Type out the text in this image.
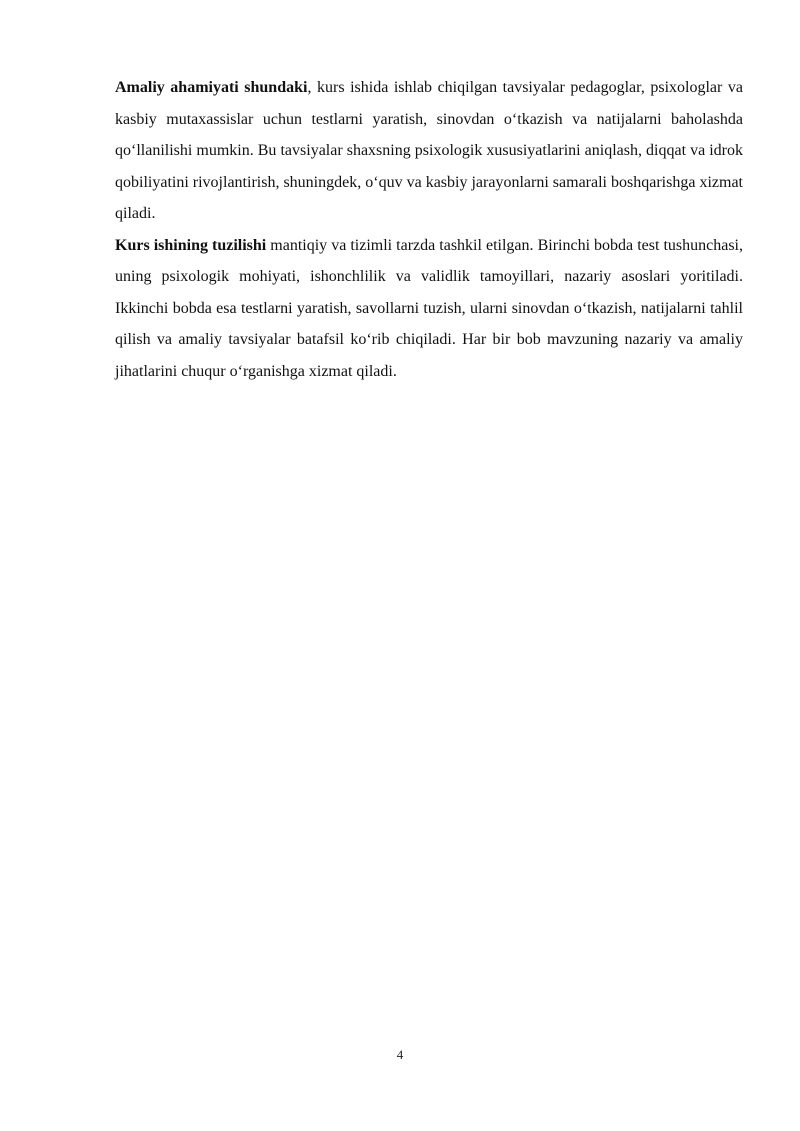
Amaliy ahamiyati shundaki, kurs ishida ishlab chiqilgan tavsiyalar pedagoglar, psixologlar va kasbiy mutaxassislar uchun testlarni yaratish, sinovdan o‘tkazish va natijalarni baholashda qo‘llanilishi mumkin. Bu tavsiyalar shaxsning psixologik xususiyatlarini aniqlash, diqqat va idrok qobiliyatini rivojlantirish, shuningdek, o‘quv va kasbiy jarayonlarni samarali boshqarishga xizmat qiladi.

Kurs ishining tuzilishi mantiqiy va tizimli tarzda tashkil etilgan. Birinchi bobda test tushunchasi, uning psixologik mohiyati, ishonchlilik va validlik tamoyillari, nazariy asoslari yoritiladi. Ikkinchi bobda esa testlarni yaratish, savollarni tuzish, ularni sinovdan o‘tkazish, natijalarni tahlil qilish va amaliy tavsiyalar batafsil ko‘rib chiqiladi. Har bir bob mavzuning nazariy va amaliy jihatlarini chuqur o‘rganishga xizmat qiladi.

4
